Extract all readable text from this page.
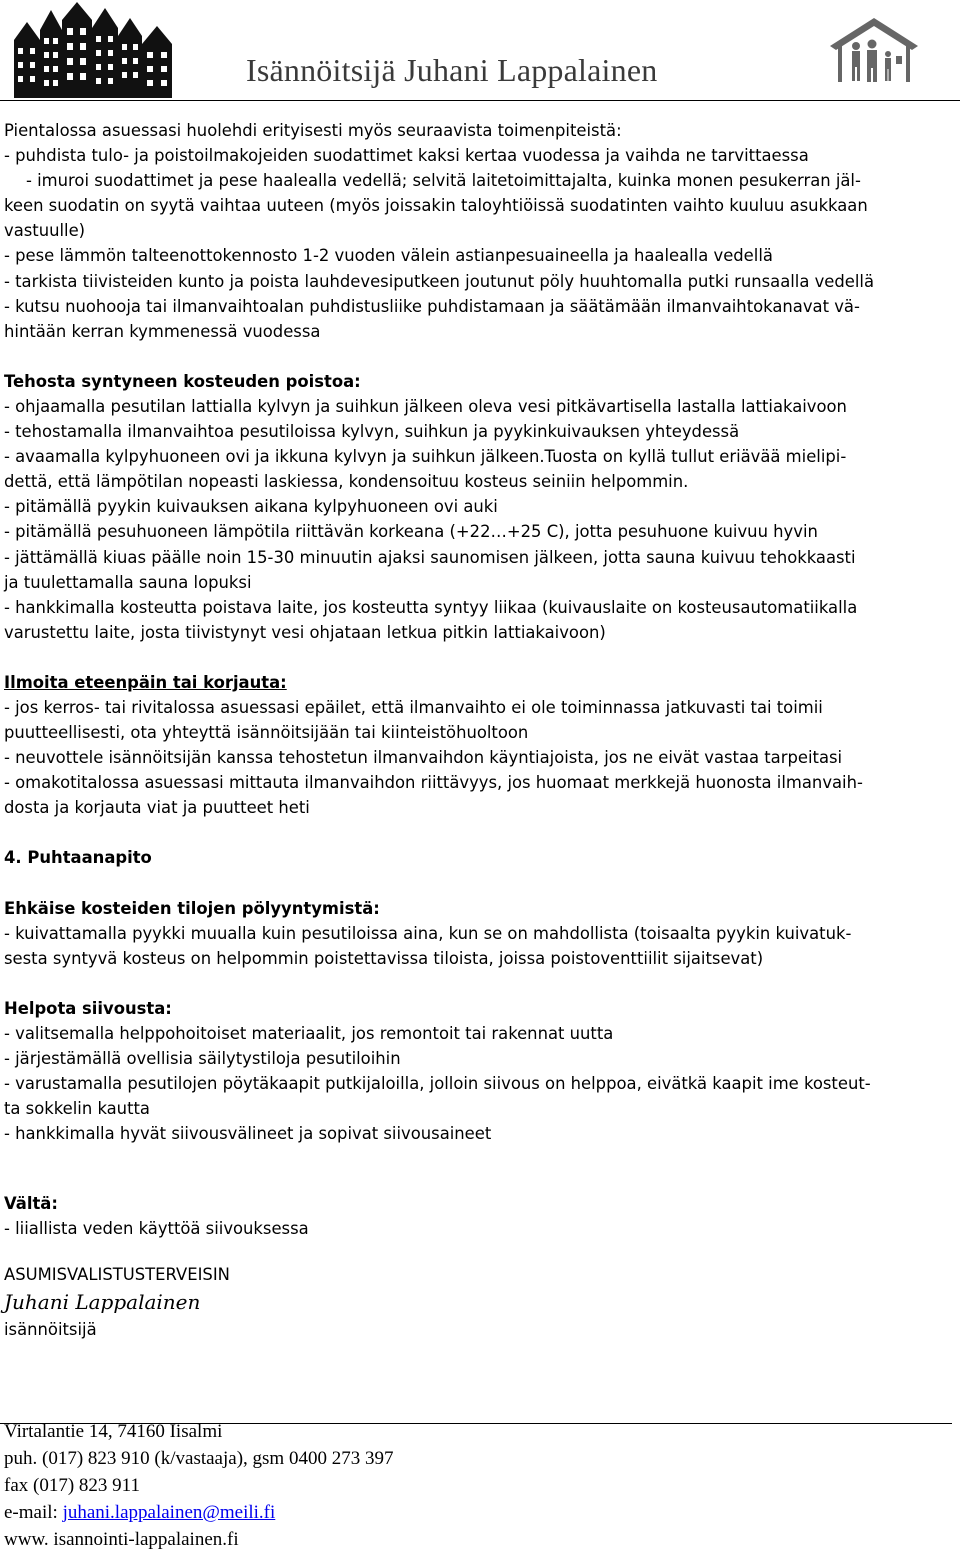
Isännöitsijä Juhani Lappalainen
Pientalossa asuessasi huolehdi erityisesti myös seuraavista toimenpiteistä:
- puhdista tulo- ja poistoilmakojeiden suodattimet kaksi kertaa vuodessa ja vaihda ne tarvittaessa
- imuroi suodattimet ja pese haalealla vedellä; selvitä laitetoimittajalta, kuinka monen pesukerran jäl-
keen suodatin on syytä vaihtaa uuteen (myös joissakin taloyhtiöissä suodatinten vaihto kuuluu asukkaan
vastuulle)
- pese lämmön talteenottokennosto 1-2 vuoden välein astianpesuaineella ja haalealla vedellä
- tarkista tiivisteiden kunto ja poista lauhdevesiputkeen joutunut pöly huuhtomalla putki runsaalla vedellä
- kutsu nuohooja tai ilmanvaihtoalan puhdistusliike puhdistamaan ja säätämään ilmanvaihtokanavat vä-
hintään kerran kymmenessä vuodessa
Tehosta syntyneen kosteuden poistoa:
- ohjaamalla pesutilan lattialla kylvyn ja suihkun jälkeen oleva vesi pitkävartisella lastalla lattiakaivoon
- tehostamalla ilmanvaihtoa pesutiloissa kylvyn, suihkun ja pyykinkuivauksen yhteydessä
- avaamalla kylpyhuoneen ovi ja ikkuna kylvyn ja suihkun jälkeen.Tuosta on kyllä tullut eriävää mielipi-
dettä, että lämpötilan nopeasti laskiessa, kondensoituu kosteus seiniin helpommin.
- pitämällä pyykin kuivauksen aikana kylpyhuoneen ovi auki
- pitämällä pesuhuoneen lämpötila riittävän korkeana (+22…+25 C), jotta pesuhuone kuivuu hyvin
- jättämällä kiuas päälle noin 15-30 minuutin ajaksi saunomisen jälkeen, jotta sauna kuivuu tehokkaasti
ja tuulettamalla sauna lopuksi
- hankkimalla kosteutta poistava laite, jos kosteutta syntyy liikaa (kuivauslaite on kosteusautomatiikalla
varustettu laite, josta tiivistynyt vesi ohjataan letkua pitkin lattiakaivoon)
Ilmoita eteenpäin tai korjauta:
- jos kerros- tai rivitalossa asuessasi epäilet, että ilmanvaihto ei ole toiminnassa jatkuvasti tai toimii
puutteellisesti, ota yhteyttä isännöitsijään tai kiinteistöhuoltoon
- neuvottele isännöitsijän kanssa tehostetun ilmanvaihdon käyntiajoista, jos ne eivät vastaa tarpeitasi
- omakotitalossa asuessasi mittauta ilmanvaihdon riittävyys, jos huomaat merkkejä huonosta ilmanvaih-
dosta ja korjauta viat ja puutteet heti
4. Puhtaanapito
Ehkäise kosteiden tilojen pölyyntymistä:
- kuivattamalla pyykki muualla kuin pesutiloissa aina, kun se on mahdollista (toisaalta pyykin kuivatuk-
sesta syntyvä kosteus on helpommin poistettavissa tiloista, joissa poistoventtiilit sijaitsevat)
Helpota siivousta:
- valitsemalla helppohoitoiset materiaalit, jos remontoit tai rakennat uutta
- järjestämällä ovellisia säilytystiloja pesutiloihin
- varustamalla pesutilojen pöytäkaapit putkijaloilla, jolloin siivous on helppoa, eivätkä kaapit ime kosteut-
ta sokkelin kautta
- hankkimalla hyvät siivousvälineet ja sopivat siivousaineet
Vältä:
- liiallista veden käyttöä siivouksessa
ASUMISVALISTUSTERVEISIN
Juhani Lappalainen
isännöitsijä
Virtalantie 14, 74160 Iisalmi
puh. (017) 823 910 (k/vastaaja), gsm 0400 273 397
fax (017) 823 911
e-mail: juhani.lappalainen@meili.fi
www. isannointi-lappalainen.fi
